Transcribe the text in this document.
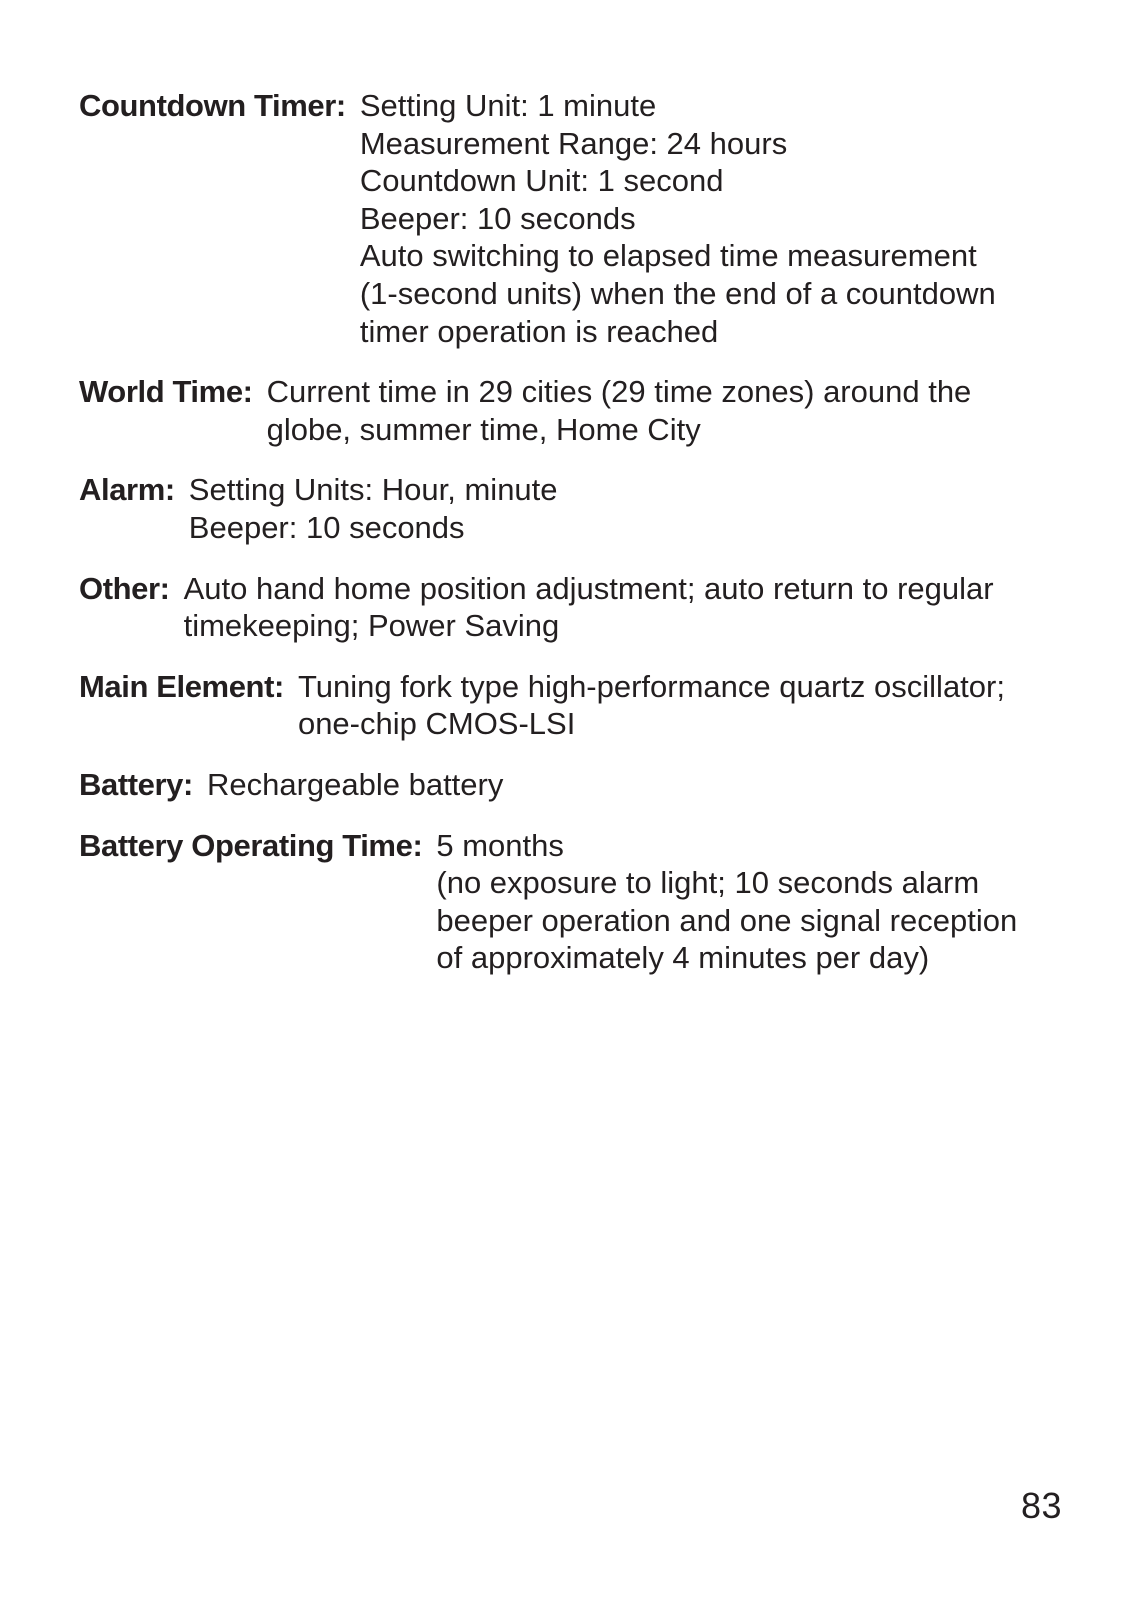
Countdown Timer: Setting Unit: 1 minute
Measurement Range: 24 hours
Countdown Unit: 1 second
Beeper: 10 seconds
Auto switching to elapsed time measurement
(1-second units) when the end of a countdown
timer operation is reached
World Time: Current time in 29 cities (29 time zones) around the
globe, summer time, Home City
Alarm: Setting Units: Hour, minute
Beeper: 10 seconds
Other: Auto hand home position adjustment; auto return to regular
timekeeping; Power Saving
Main Element: Tuning fork type high-performance quartz oscillator;
one-chip CMOS-LSI
Battery: Rechargeable battery
Battery Operating Time: 5 months
(no exposure to light; 10 seconds alarm
beeper operation and one signal reception
of approximately 4 minutes per day)
83
